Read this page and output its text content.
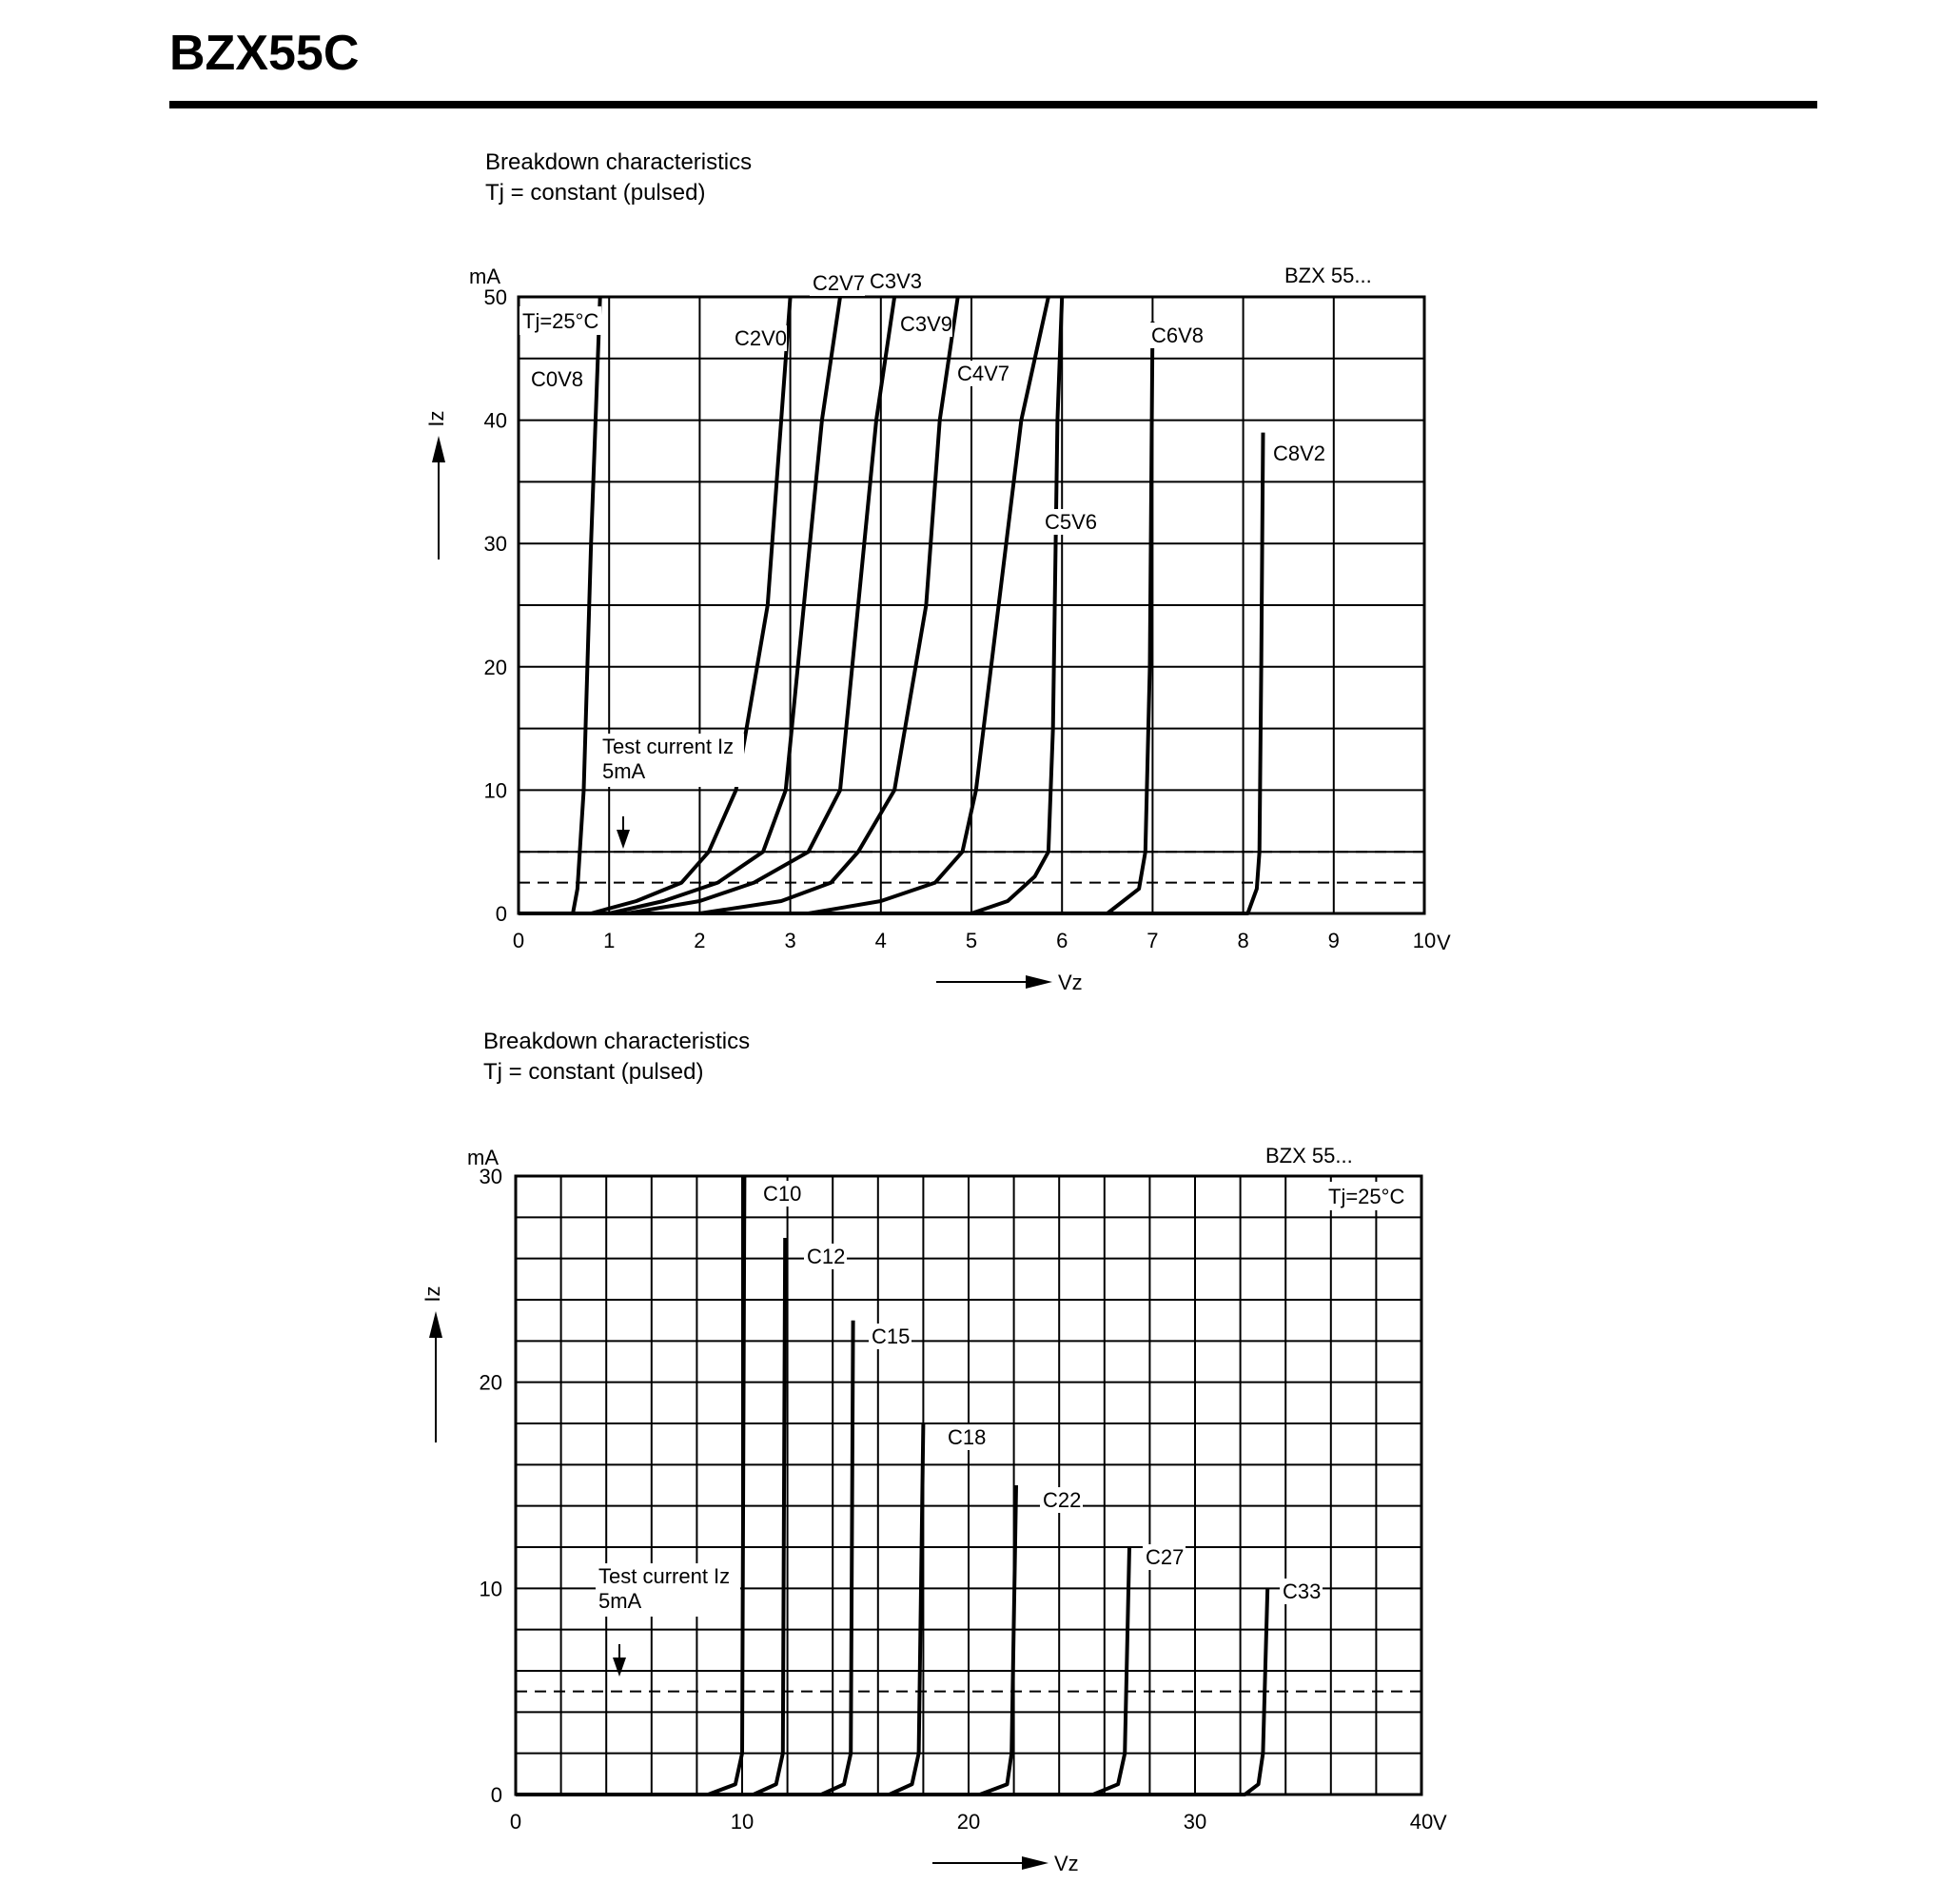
BZX55C
Breakdown characteristics
Tj = constant (pulsed)
BZX 55...
mA
Iz
Vz
V
C0V8
C2V0
C2V7 C3V3
C3V9
C4V7
C5V6
C6V8
C8V2
0	1	2	3	4	5	6	7	8	9	10
0
10
20
30
40
50
Tj=25°C
Test current Iz
5mA
Breakdown characteristics
Tj = constant (pulsed)
BZX 55...
mA
Iz
Vz
V
C10
C12
C15
C18
C22
C27
C33
0	10	20	30	40
0
10
20
30
Tj=25°C
Test current Iz
5mA
